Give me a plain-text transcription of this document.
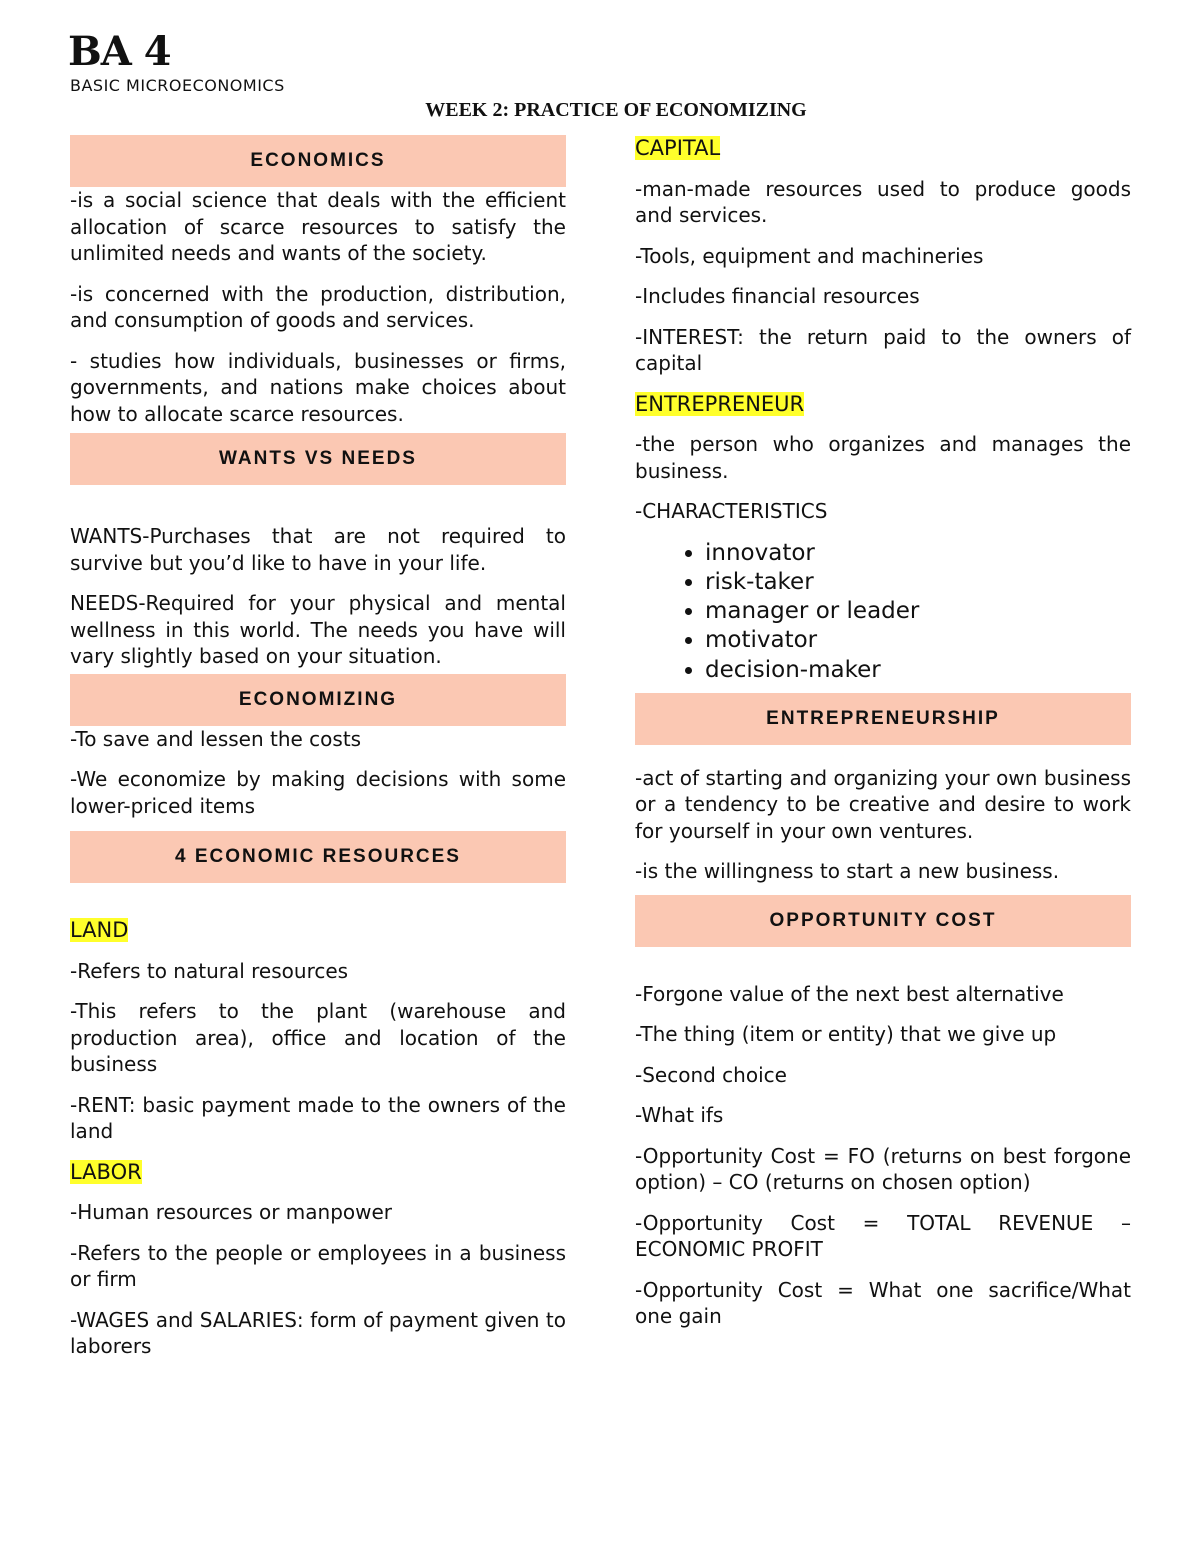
BA 4
BASIC MICROECONOMICS
WEEK 2: PRACTICE OF ECONOMIZING
ECONOMICS

-is a social science that deals with the efficient allocation of scarce resources to satisfy the unlimited needs and wants of the society.

-is concerned with the production, distribution, and consumption of goods and services.

- studies how individuals, businesses or firms, governments, and nations make choices about how to allocate scarce resources.

WANTS VS NEEDS

WANTS-Purchases that are not required to survive but you’d like to have in your life.

NEEDS-Required for your physical and mental wellness in this world. The needs you have will vary slightly based on your situation.

ECONOMIZING

-To save and lessen the costs

-We economize by making decisions with some lower-priced items

4 ECONOMIC RESOURCES

LAND

-Refers to natural resources

-This refers to the plant (warehouse and production area), office and location of the business

-RENT: basic payment made to the owners of the land

LABOR

-Human resources or manpower

-Refers to the people or employees in a business or firm

-WAGES and SALARIES: form of payment given to laborers

CAPITAL

-man-made resources used to produce goods and services.

-Tools, equipment and machineries

-Includes financial resources

-INTEREST: the return paid to the owners of capital

ENTREPRENEUR

-the person who organizes and manages the business.

-CHARACTERISTICS

• innovator
• risk-taker
• manager or leader
• motivator
• decision-maker
ENTREPRENEURSHIP

-act of starting and organizing your own business or a tendency to be creative and desire to work for yourself in your own ventures.

-is the willingness to start a new business.

OPPORTUNITY COST

-Forgone value of the next best alternative

-The thing (item or entity) that we give up

-Second choice

-What ifs

-Opportunity Cost = FO (returns on best forgone option) – CO (returns on chosen option)

-Opportunity Cost = TOTAL REVENUE – ECONOMIC PROFIT

-Opportunity Cost = What one sacrifice/What one gain
